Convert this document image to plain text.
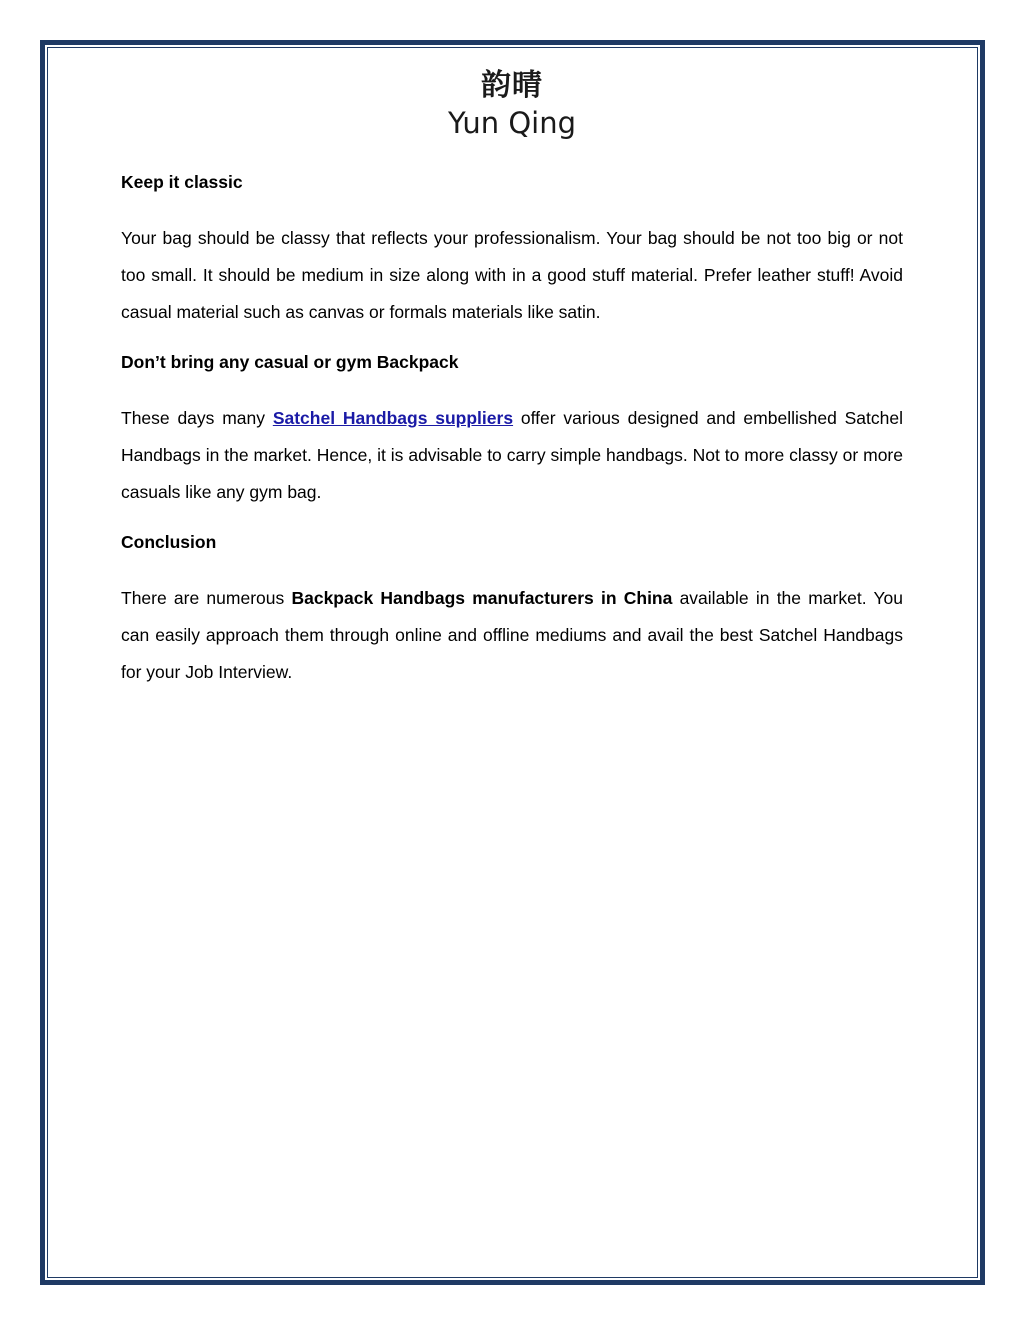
韵晴
Yun Qing
Keep it classic

Your bag should be classy that reflects your professionalism. Your bag should be not too big or not too small. It should be medium in size along with in a good stuff material. Prefer leather stuff! Avoid casual material such as canvas or formals materials like satin.

Don’t bring any casual or gym Backpack

These days many Satchel Handbags suppliers offer various designed and embellished Satchel Handbags in the market. Hence, it is advisable to carry simple handbags. Not to more classy or more casuals like any gym bag.

Conclusion

There are numerous Backpack Handbags manufacturers in China available in the market. You can easily approach them through online and offline mediums and avail the best Satchel Handbags for your Job Interview.
